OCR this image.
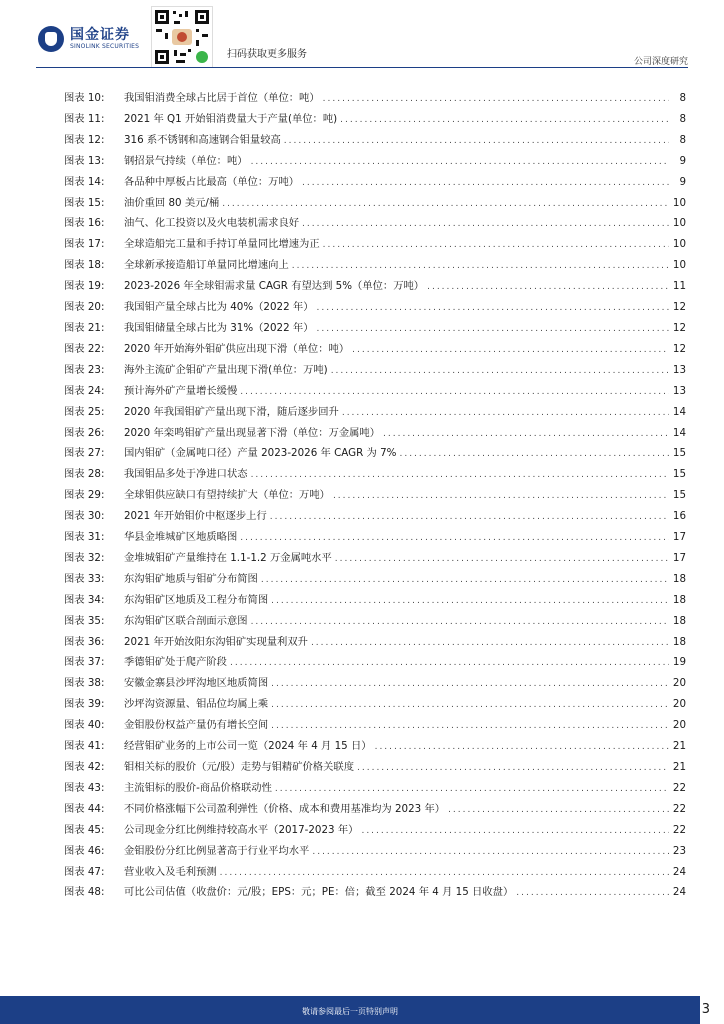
国金证券
SINOLINK SECURITIES
扫码获取更多服务
公司深度研究
图表 10:	我国钼消费全球占比居于首位（单位：吨） .....	8
图表 11:	2021 年 Q1 开始钼消费量大于产量(单位：吨) .....	8
图表 12:	316 系不锈钢和高速钢合钼量较高 .....	8
图表 13:	钢招景气持续（单位：吨） .....	9
图表 14:	各品种中厚板占比最高（单位：万吨） .....	9
图表 15:	油价重回 80 美元/桶 .....	10
图表 16:	油气、化工投资以及火电装机需求良好 .....	10
图表 17:	全球造船完工量和手持订单量同比增速为正 .....	10
图表 18:	全球新承接造船订单量同比增速向上 .....	10
图表 19:	2023-2026 年全球钼需求量 CAGR 有望达到 5%（单位：万吨） .....	11
图表 20:	我国钼产量全球占比为 40%（2022 年） .....	12
图表 21:	我国钼储量全球占比为 31%（2022 年） .....	12
图表 22:	2020 年开始海外钼矿供应出现下滑（单位：吨） .....	12
图表 23:	海外主流矿企钼矿产量出现下滑(单位：万吨) .....	13
图表 24:	预计海外矿产量增长缓慢 .....	13
图表 25:	2020 年我国钼矿产量出现下滑，随后逐步回升 .....	14
图表 26:	2020 年栾鸣钼矿产量出现显著下滑（单位：万金属吨） .....	14
图表 27:	国内钼矿（金属吨口径）产量 2023-2026 年 CAGR 为 7% .....	15
图表 28:	我国钼品多处于净进口状态 .....	15
图表 29:	全球钼供应缺口有望持续扩大（单位：万吨） .....	15
图表 30:	2021 年开始钼价中枢逐步上行 .....	16
图表 31:	华县金堆城矿区地质略图 .....	17
图表 32:	金堆城钼矿产量维持在 1.1-1.2 万金属吨水平 .....	17
图表 33:	东沟钼矿地质与钼矿分布简图 .....	18
图表 34:	东沟钼矿区地质及工程分布简图 .....	18
图表 35:	东沟钼矿区联合剖面示意图 .....	18
图表 36:	2021 年开始汝阳东沟钼矿实现量利双升 .....	18
图表 37:	季德钼矿处于爬产阶段 .....	19
图表 38:	安徽金寨县沙坪沟地区地质简图 .....	20
图表 39:	沙坪沟资源量、钼品位均属上乘 .....	20
图表 40:	金钼股份权益产量仍有增长空间 .....	20
图表 41:	经营钼矿业务的上市公司一览（2024 年 4 月 15 日） .....	21
图表 42:	钼相关标的股价（元/股）走势与钼精矿价格关联度 .....	21
图表 43:	主流钼标的股价-商品价格联动性 .....	22
图表 44:	不同价格涨幅下公司盈利弹性（价格、成本和费用基准均为 2023 年） .....	22
图表 45:	公司现金分红比例维持较高水平（2017-2023 年） .....	22
图表 46:	金钼股份分红比例显著高于行业平均水平 .....	23
图表 47:	营业收入及毛利预测 .....	24
图表 48:	可比公司估值（收盘价：元/股；EPS：元；PE：倍；截至 2024 年 4 月 15 日收盘） .....	24
敬请参阅最后一页特别声明	3
